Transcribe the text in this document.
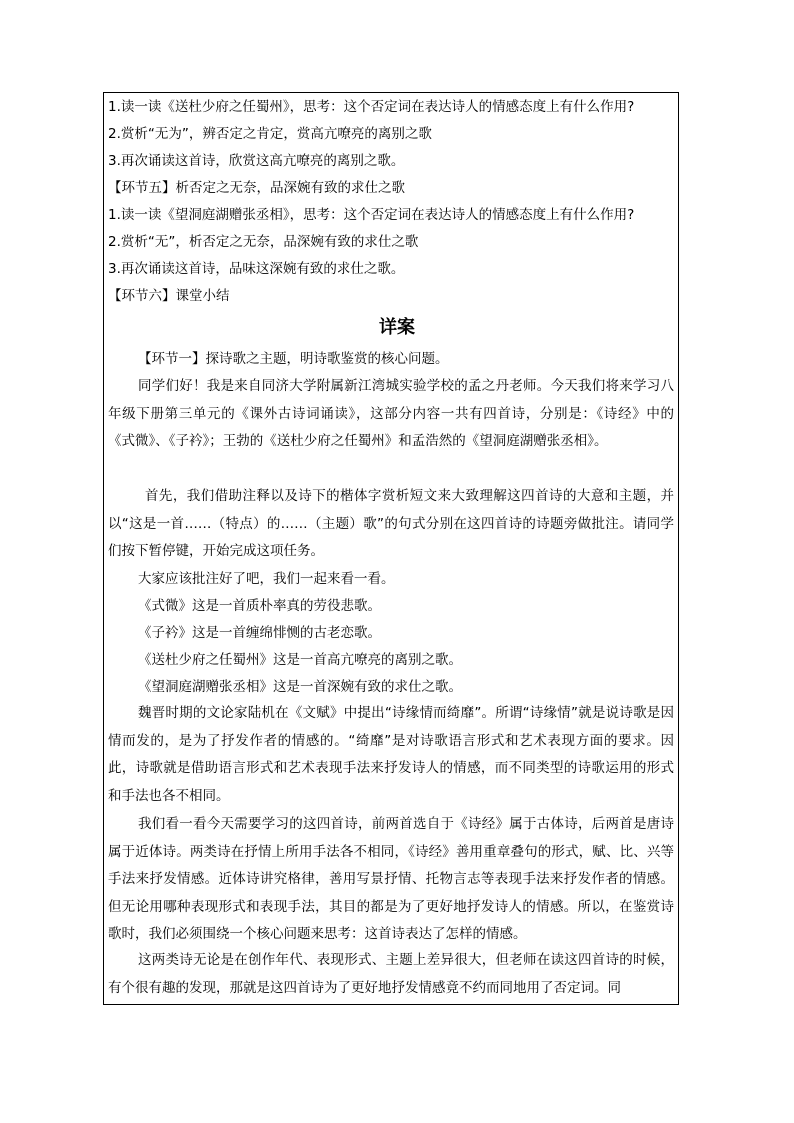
1.读一读《送杜少府之任蜀州》，思考：这个否定词在表达诗人的情感态度上有什么作用?
2.赏析“无为”，辨否定之肯定，赏高亢嘹亮的离别之歌
3.再次诵读这首诗，欣赏这高亢嘹亮的离别之歌。
【环节五】析否定之无奈，品深婉有致的求仕之歌
1.读一读《望洞庭湖赠张丞相》，思考：这个否定词在表达诗人的情感态度上有什么作用?
2.赏析“无”，析否定之无奈，品深婉有致的求仕之歌
3.再次诵读这首诗，品味这深婉有致的求仕之歌。
【环节六】课堂小结
详案
【环节一】探诗歌之主题，明诗歌鉴赏的核心问题。
同学们好！我是来自同济大学附属新江湾城实验学校的孟之丹老师。今天我们将来学习八年级下册第三单元的《课外古诗词诵读》，这部分内容一共有四首诗，分别是：《诗经》中的《式微》、《子衿》；王勃的《送杜少府之任蜀州》和孟浩然的《望洞庭湖赠张丞相》。
首先，我们借助注释以及诗下的楷体字赏析短文来大致理解这四首诗的大意和主题，并以“这是一首……（特点）的……（主题）歌”的句式分别在这四首诗的诗题旁做批注。请同学们按下暂停键，开始完成这项任务。
大家应该批注好了吧，我们一起来看一看。
《式微》这是一首质朴率真的劳役悲歌。
《子衿》这是一首缠绵悱恻的古老恋歌。
《送杜少府之任蜀州》这是一首高亢嘹亮的离别之歌。
《望洞庭湖赠张丞相》这是一首深婉有致的求仕之歌。
魏晋时期的文论家陆机在《文赋》中提出“诗缘情而绮靡”。所谓“诗缘情”就是说诗歌是因情而发的，是为了抒发作者的情感的。“绮靡”是对诗歌语言形式和艺术表现方面的要求。因此，诗歌就是借助语言形式和艺术表现手法来抒发诗人的情感，而不同类型的诗歌运用的形式和手法也各不相同。
我们看一看今天需要学习的这四首诗，前两首选自于《诗经》属于古体诗，后两首是唐诗属于近体诗。两类诗在抒情上所用手法各不相同，《诗经》善用重章叠句的形式，赋、比、兴等手法来抒发情感。近体诗讲究格律，善用写景抒情、托物言志等表现手法来抒发作者的情感。但无论用哪种表现形式和表现手法，其目的都是为了更好地抒发诗人的情感。所以，在鉴赏诗歌时，我们必须围绕一个核心问题来思考：这首诗表达了怎样的情感。
这两类诗无论是在创作年代、表现形式、主题上差异很大，但老师在读这四首诗的时候，有个很有趣的发现，那就是这四首诗为了更好地抒发情感竟不约而同地用了否定词。同
